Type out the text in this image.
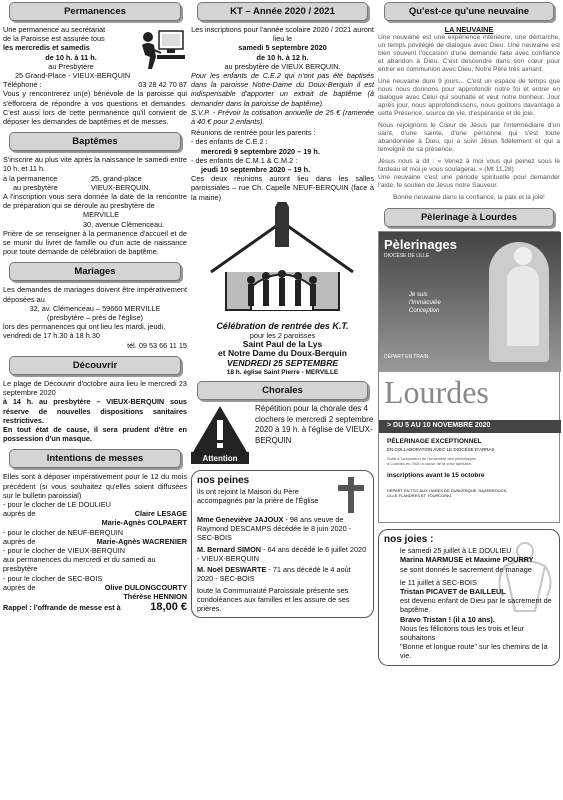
Permanences

Une permanence au secrétariat

de la Paroisse est assurée tous

les mercredis et samedis

de 10 h. à 11 h.

au Presbytère

25 Grand-Place - VIEUX-BERQUIN

Téléphone :	03 28 42 70 87

Vous y rencontrerez un(e) bénévole de la paroisse qui s'efforcera de répondre à vos questions et demandes. C'est aussi lors de cette permanence qu'il convient de déposer les demandes de baptêmes et de messes.

Baptêmes

S'inscrire au plus vite après la naissance le samedi entre 10 h. et 11 h.

à la permanence	25, grand-place

au presbytère	VIEUX-BERQUIN.

A l'inscription vous sera donnée la date de la rencontre de préparation qui se déroule au presbytère de

MERVILLE

30, avenue Clémenceau.

Prière de se renseigner à la permanence d'accueil et de se munir du livret de famille ou d'un acte de naissance pour toute demande de célébration de baptême.

Mariages

Les demandes de mariages doivent être impérativement déposées au

32, av. Clémenceau – 59660 MERVILLE

(presbytère – près de l'église)

lors des permanences qui ont lieu les mardi, jeudi, vendredi de 17 h.30 à 18 h.30

tél. 09 53 66 11 15

Découvrir

Le plage de Découvrir d'octobre aura lieu le mercredi 23 septembre 2020

à 14 h. au presbytère – VIEUX-BERQUIN sous réserve de nouvelles dispositions sanitaires restrictives.

En tout état de cause, il sera prudent d'être en possession d'un masque.

Intentions de messes

Elles sont à déposer impérativement pour le 12 du mois précédent (si vous souhaitez qu'elles soient diffusées sur le bulletin paroissial)

- pour le clocher de LE DOULIEU

auprès de	Claire LESAGE

Marie-Agnès COLPAERT

- pour le clocher de NEUF-BERQUIN

auprès de	Marie-Agnès WACRENIER

- pour le clocher de VIEUX-BERQUIN

aux permanences du mercredi et du samedi au presbytère

- pour le clocher de SEC-BOIS

auprès de	Olive DULONGCOURTY

Thérèse HENNION

Rappel : l'offrande de messe est à	18,00 €
KT – Année 2020 / 2021

Les inscriptions pour l'année scolaire 2020 / 2021 auront lieu le

samedi 5 septembre 2020

de 10 h. à 12 h.

au presbytère de VIEUX BERQUIN.

Pour les enfants de C.E.2 qui n'ont pas été baptisés dans la paroisse Notre-Dame du Doux-Berquin il est indispensable d'apporter un extrait de baptême (à demander dans la paroisse de baptême).

S.V.P. - Prévoir la cotisation annuelle de 25 € (ramenée à 40 € pour 2 enfants).

Réunions de rentrée pour les parents :

- des enfants de C.E.2 :

mercredi 9 septembre 2020 – 19 h.

- des enfants de C.M.1 & C.M.2 :

jeudi 10 septembre 2020 – 19 h.

Ces deux réunions auront lieu dans les salles paroissiales – rue Ch. Capelle NEUF-BERQUIN (face à la mairie)

Célébration de rentrée des K.T.

pour les 2 paroisses

Saint Paul de la Lys

et Notre Dame du Doux-Berquin

VENDREDI 25 SEPTEMBRE

18 h. église Saint Pierre - MERVILLE

Chorales
Attention

Répétition pour la chorale des 4 clochers le mercredi 2 septembre 2020 à 19 h. à l'église de VIEUX-BERQUIN

nos peines

ils ont rejoint la Maison du Père accompagnés par la prière de l'Église

Mme Geneviève JAJOUX - 98 ans veuve de Raymond DESCAMPS décédée le 8 juin 2020 - SEC-BOIS

M. Bernard SIMON - 64 ans décédé le 6 juillet 2020 - VIEUX-BERQUIN

M. Noël DESWARTE - 71 ans décédé le 4 août 2020 - SEC-BOIS

toute la Communauté Paroissiale présente ses condoléances aux familles et les assure de ses prières.

Qu'est-ce qu'une neuvaine

LA NEUVAINE

Une neuvaine est une expérience intérieure, une démarche, un temps privilégié de dialogue avec Dieu. Une neuvaine est bien souvent l'occasion d'une demande faite avec confiance et abandon à Dieu. C'est descendre dans son cœur pour entrer en communion avec Dieu, Notre Père très aimant.

Une neuvaine dure 9 jours... C'est un espace de temps que nous nous donnons pour approfondir notre foi et entrer en dialogue avec Celui qui souhaite et veut notre bonheur. Jour après jour, nous approfondissons, nous goûtons davantage à cette Présence, source de vie, d'espérance et de joie.

Nous rejoignons le Cœur de Jésus par l'intermédiaire d'un saint, d'une sainte, d'une personne qui s'est toute abandonnée à Dieu, qui a suivi Jésus fidèlement et qui a témoigné de sa présence.

Jésus nous a dit : « Venez à moi vous qui peinez sous le fardeau et moi je vous soulagerai. » (Mt 11,28)

Une neuvaine c'est une période spirituelle pour demander l'aide, le soutien de Jésus notre Sauveur.

Bonne neuvaine dans la confiance, la paix et la joie!

Pèlerinage à Lourdes
Pèlerinages
DIOCÈSE DE LILLE
Je suis
l'Immaculée
Conception
DÉPART EN TRAIN
Lourdes
> DU 5 AU 10 NOVEMBRE 2020
PÈLERINAGE EXCEPTIONNEL
EN COLLABORATION AVEC LE DIOCÈSE D'ARRAS
Suite à l'annulation de l'ensemble des pèlerinages
à Lourdes en 2020 à cause de la crise sanitaire.
inscriptions avant le 15 octobre
DÉPART EN TGV AUX GARES DE DUNKERQUE, HAZEBROUCK,
LILLE FLANDRES ET TOURCOING

nos joies :

le samedi 25 juillet à LE DOULIEU

Marina MARMUSE et Maxime POURRY

se sont donnés le sacrement de mariage

le 11 juillet à SEC-BOIS

Tristan PICAVET de BAILLEUL

est devenu enfant de Dieu par le sacrement de baptême.

Bravo Tristan ! (il a 10 ans).

Nous les félicitons tous les trois et leur souhaitons

"Bonne et longue route" sur les chemins de la vie.
